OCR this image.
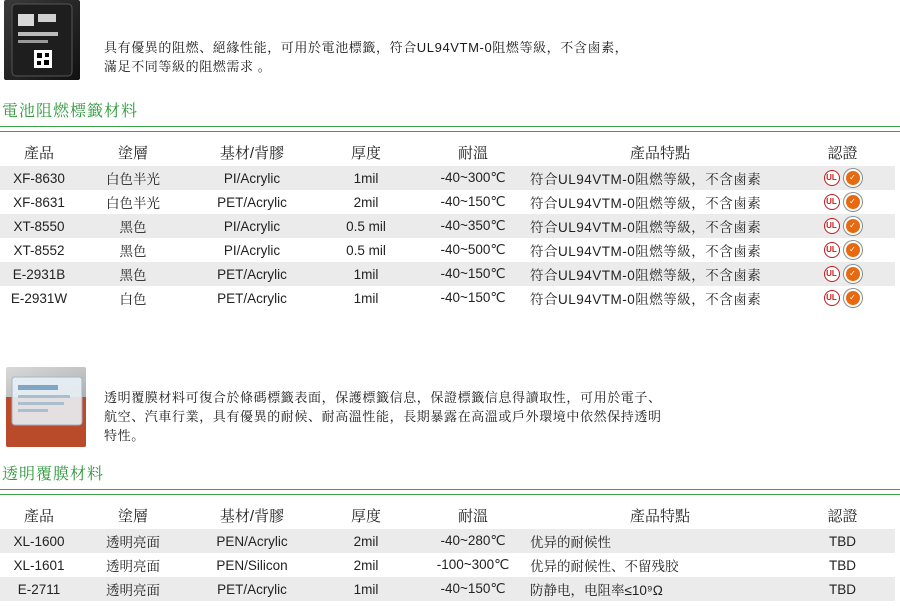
具有優異的阻燃、絕緣性能，可用於電池標籤，符合UL94VTM-0阻燃等級，不含鹵素，
滿足不同等級的阻燃需求 。
電池阻燃標籤材料
產品	塗層	基材/背膠	厚度	耐溫	產品特點	認證
XF-8630	白色半光	PI/Acrylic	1mil	-40~300℃	符合UL94VTM-0阻燃等級，不含鹵素	UL ✓

XF-8631	白色半光	PET/Acrylic	2mil	-40~150℃	符合UL94VTM-0阻燃等級，不含鹵素	UL ✓

XT-8550	黑色	PI/Acrylic	0.5 mil	-40~350℃	符合UL94VTM-0阻燃等級，不含鹵素	UL ✓

XT-8552	黑色	PI/Acrylic	0.5 mil	-40~500℃	符合UL94VTM-0阻燃等級，不含鹵素	UL ✓

E-2931B	黑色	PET/Acrylic	1mil	-40~150℃	符合UL94VTM-0阻燃等級，不含鹵素	UL ✓

E-2931W	白色	PET/Acrylic	1mil	-40~150℃	符合UL94VTM-0阻燃等級，不含鹵素	UL ✓
透明覆膜材料可復合於條碼標籤表面，保護標籤信息，保證標籤信息得讀取性，可用於電子、
航空、汽車行業，具有優異的耐候、耐高溫性能，長期暴露在高溫或戶外環境中依然保持透明
特性。
透明覆膜材料
產品	塗層	基材/背膠	厚度	耐溫	產品特點	認證
XL-1600	透明亮面	PEN/Acrylic	2mil	-40~280℃	优异的耐候性	TBD
XL-1601	透明亮面	PEN/Silicon	2mil	-100~300℃	优异的耐候性、不留残胶	TBD
E-2711	透明亮面	PET/Acrylic	1mil	-40~150℃	防静电，电阻率≤10⁹Ω	TBD
